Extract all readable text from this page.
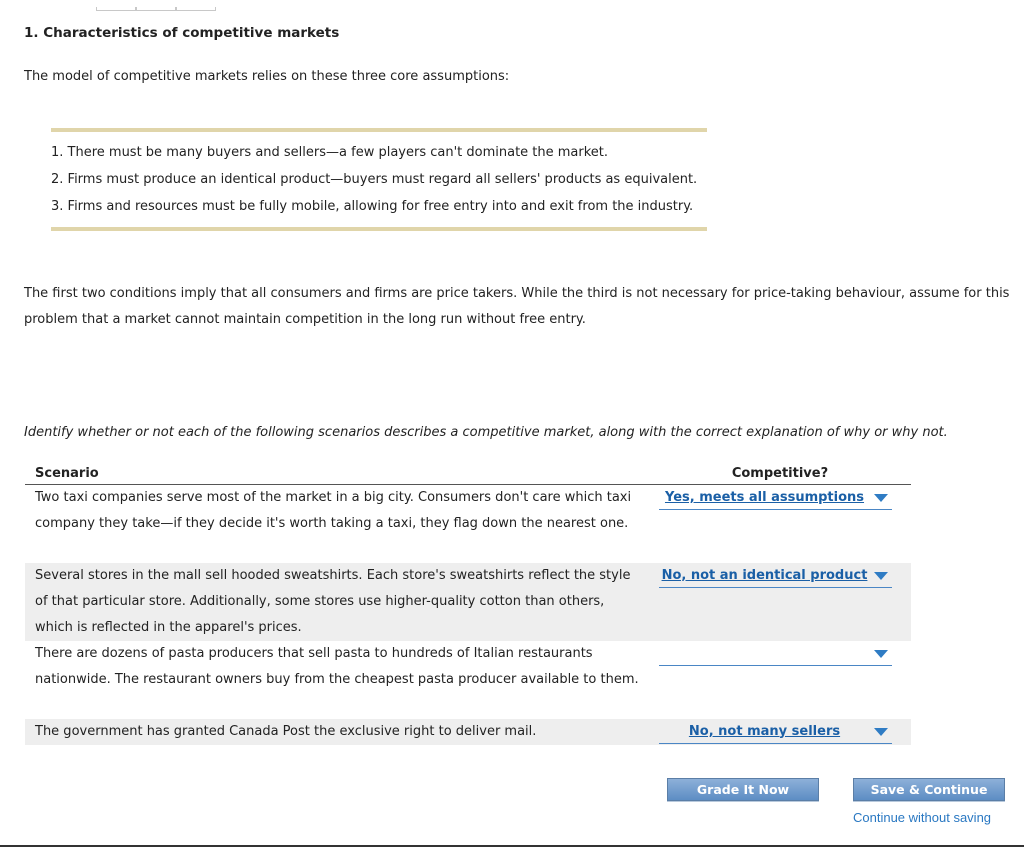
1. Characteristics of competitive markets

The model of competitive markets relies on these three core assumptions:

1. There must be many buyers and sellers—a few players can't dominate the market.
2. Firms must produce an identical product—buyers must regard all sellers' products as equivalent.
3. Firms and resources must be fully mobile, allowing for free entry into and exit from the industry.

The first two conditions imply that all consumers and firms are price takers. While the third is not necessary for price-taking behaviour, assume for this problem that a market cannot maintain competition in the long run without free entry.

Identify whether or not each of the following scenarios describes a competitive market, along with the correct explanation of why or why not.

Scenario	Competitive?
Two taxi companies serve most of the market in a big city. Consumers don't care which taxi company they take—if they decide it's worth taking a taxi, they flag down the nearest one.	Yes, meets all assumptions

Several stores in the mall sell hooded sweatshirts. Each store's sweatshirts reflect the style of that particular store. Additionally, some stores use higher-quality cotton than others, which is reflected in the apparel's prices.	No, not an identical product

There are dozens of pasta producers that sell pasta to hundreds of Italian restaurants nationwide. The restaurant owners buy from the cheapest pasta producer available to them.	

The government has granted Canada Post the exclusive right to deliver mail.	No, not many sellers
Grade It Now	Save & Continue
Continue without saving
